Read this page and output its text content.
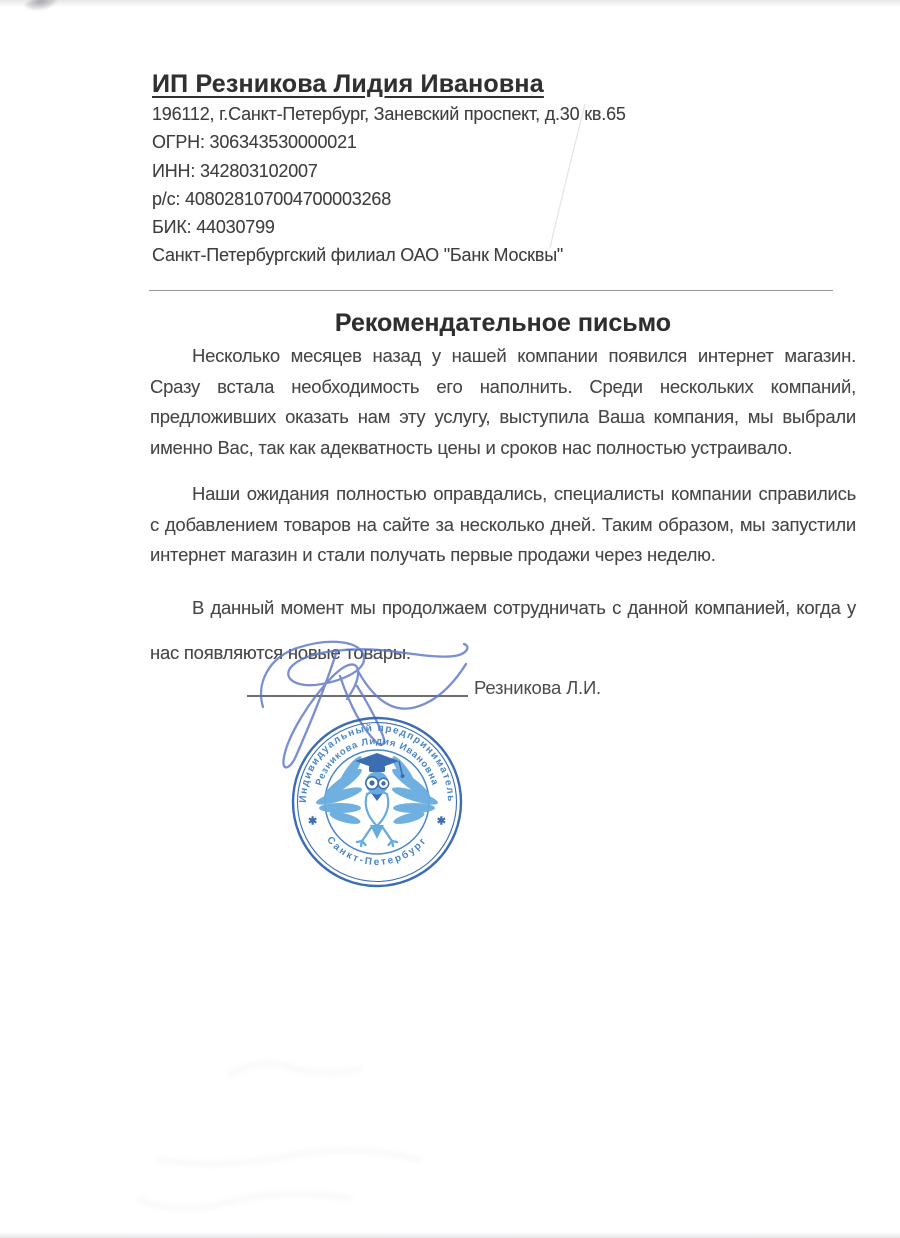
ИП Резникова Лидия Ивановна
196112, г.Санкт-Петербург, Заневский проспект, д.30 кв.65
ОГРН: 306343530000021
ИНН: 342803102007
р/с: 408028107004700003268
БИК: 44030799
Санкт-Петербургский филиал ОАО "Банк Москвы"
Рекомендательное письмо

Несколько месяцев назад у нашей компании появился интернет магазин. Сразу встала необходимость его наполнить. Среди нескольких компаний, предложивших оказать нам эту услугу, выступила Ваша компания, мы выбрали именно Вас, так как адекватность цены и сроков нас полностью устраивало.

Наши ожидания полностью оправдались, специалисты компании справились с добавлением товаров на сайте за несколько дней. Таким образом, мы запустили интернет магазин и стали получать первые продажи через неделю.

В данный момент мы продолжаем сотрудничать с данной компанией, когда у нас появляются новые товары.

Резникова Л.И.
Индивидуальный предприниматель
Резникова Лидия Ивановна
Санкт-Петербург
✱	✱
